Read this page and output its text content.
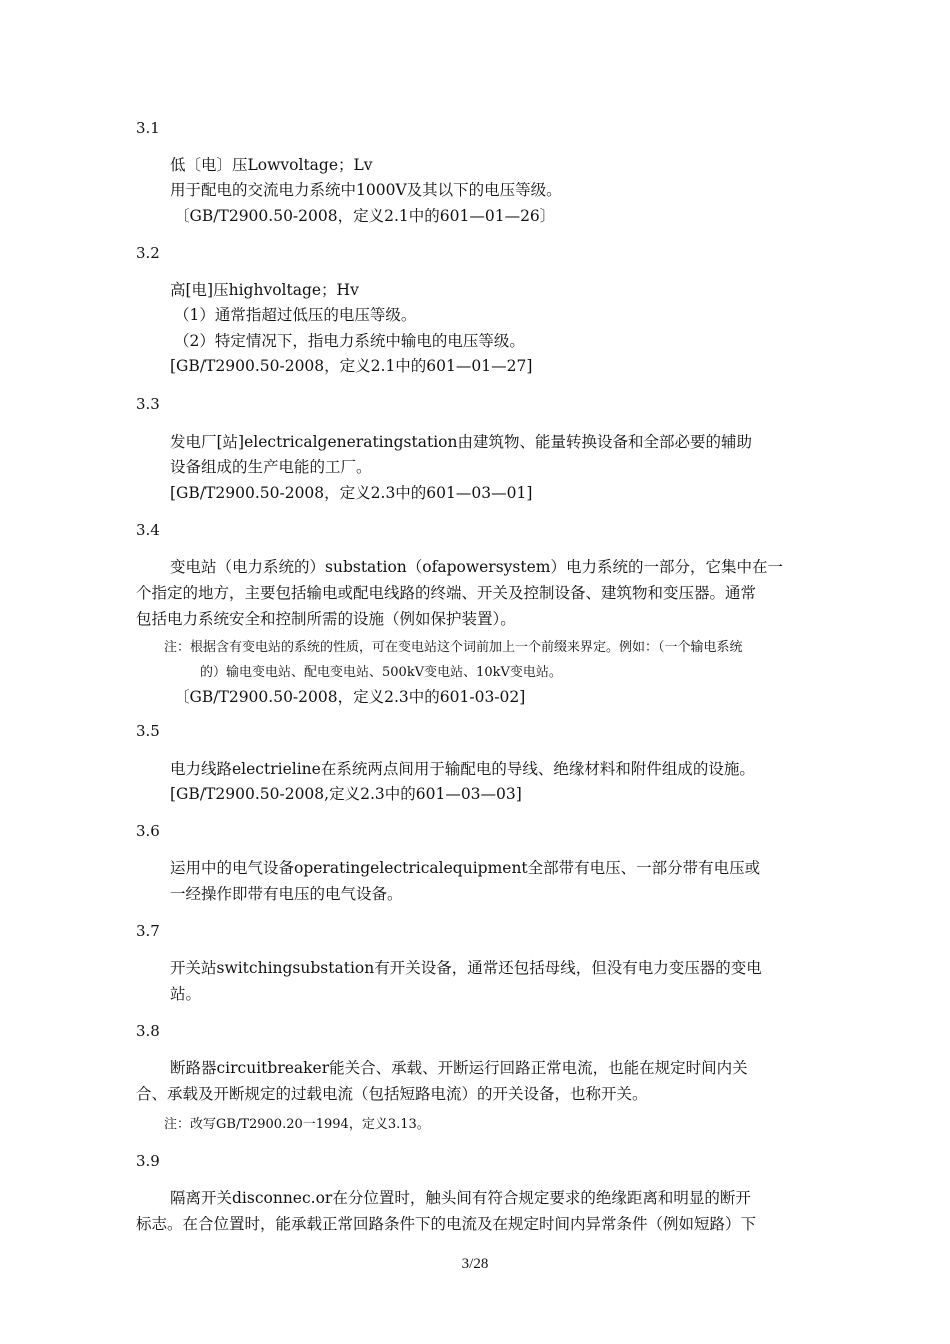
3.1
低〔电〕压Lowvoltage；Lv
用于配电的交流电力系统中1000V及其以下的电压等级。
〔GB/T2900.50-2008，定义2.1中的601—01—26〕
3.2
高[电]压highvoltage；Hv
（1）通常指超过低压的电压等级。
（2）特定情况下，指电力系统中输电的电压等级。
[GB/T2900.50-2008，定义2.1中的601—01—27]
3.3
发电厂[站]electricalgeneratingstation由建筑物、能量转换设备和全部必要的辅助
设备组成的生产电能的工厂。
[GB/T2900.50-2008，定义2.3中的601—03—01]
3.4
变电站（电力系统的）substation（ofapowersystem）电力系统的一部分，它集中在一
个指定的地方，主要包括输电或配电线路的终端、开关及控制设备、建筑物和变压器。通常
包括电力系统安全和控制所需的设施（例如保护装置）。
注：根据含有变电站的系统的性质，可在变电站这个词前加上一个前缀来界定。例如：（一个输电系统
的）输电变电站、配电变电站、500kV变电站、10kV变电站。
〔GB/T2900.50-2008，定义2.3中的601-03-02]
3.5
电力线路electrieline在系统两点间用于输配电的导线、绝缘材料和附件组成的设施。
[GB/T2900.50-2008,定义2.3中的601—03—03]
3.6
运用中的电气设备operatingelectricalequipment全部带有电压、一部分带有电压或
一经操作即带有电压的电气设备。
3.7
开关站switchingsubstation有开关设备，通常还包括母线，但没有电力变压器的变电
站。
3.8
断路器circuitbreaker能关合、承载、开断运行回路正常电流，也能在规定时间内关
合、承载及开断规定的过载电流（包括短路电流）的开关设备，也称开关。
注：改写GB/T2900.20一1994，定义3.13。
3.9
隔离开关disconnec.or在分位置时，触头间有符合规定要求的绝缘距离和明显的断开
标志。在合位置时，能承载正常回路条件下的电流及在规定时间内异常条件（例如短路）下
3/28
